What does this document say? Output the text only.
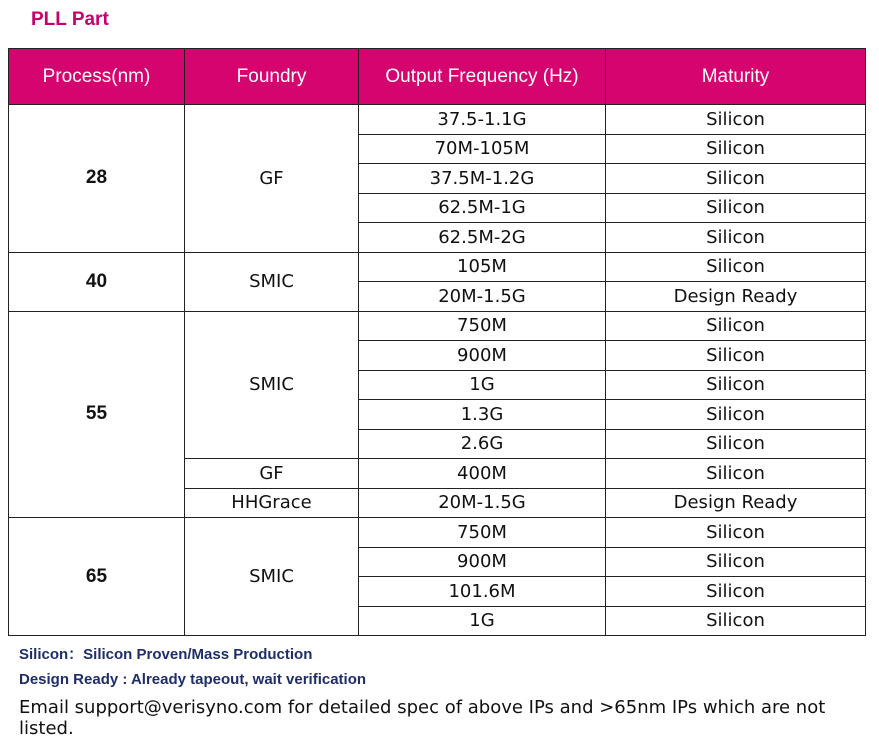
PLL Part
Process(nm)	Foundry	Output Frequency (Hz)	Maturity
28	GF	37.5-1.1G	Silicon
		70M-105M	Silicon
		37.5M-1.2G	Silicon
		62.5M-1G	Silicon
		62.5M-2G	Silicon
40	SMIC	105M	Silicon
		20M-1.5G	Design Ready
55	SMIC	750M	Silicon
		900M	Silicon
		1G	Silicon
		1.3G	Silicon
		2.6G	Silicon
	GF	400M	Silicon
	HHGrace	20M-1.5G	Design Ready
65	SMIC	750M	Silicon
		900M	Silicon
		101.6M	Silicon
		1G	Silicon
Silicon：Silicon Proven/Mass Production
Design Ready : Already tapeout, wait verification
Email support@verisyno.com for detailed spec of above IPs and >65nm IPs which are not listed.
